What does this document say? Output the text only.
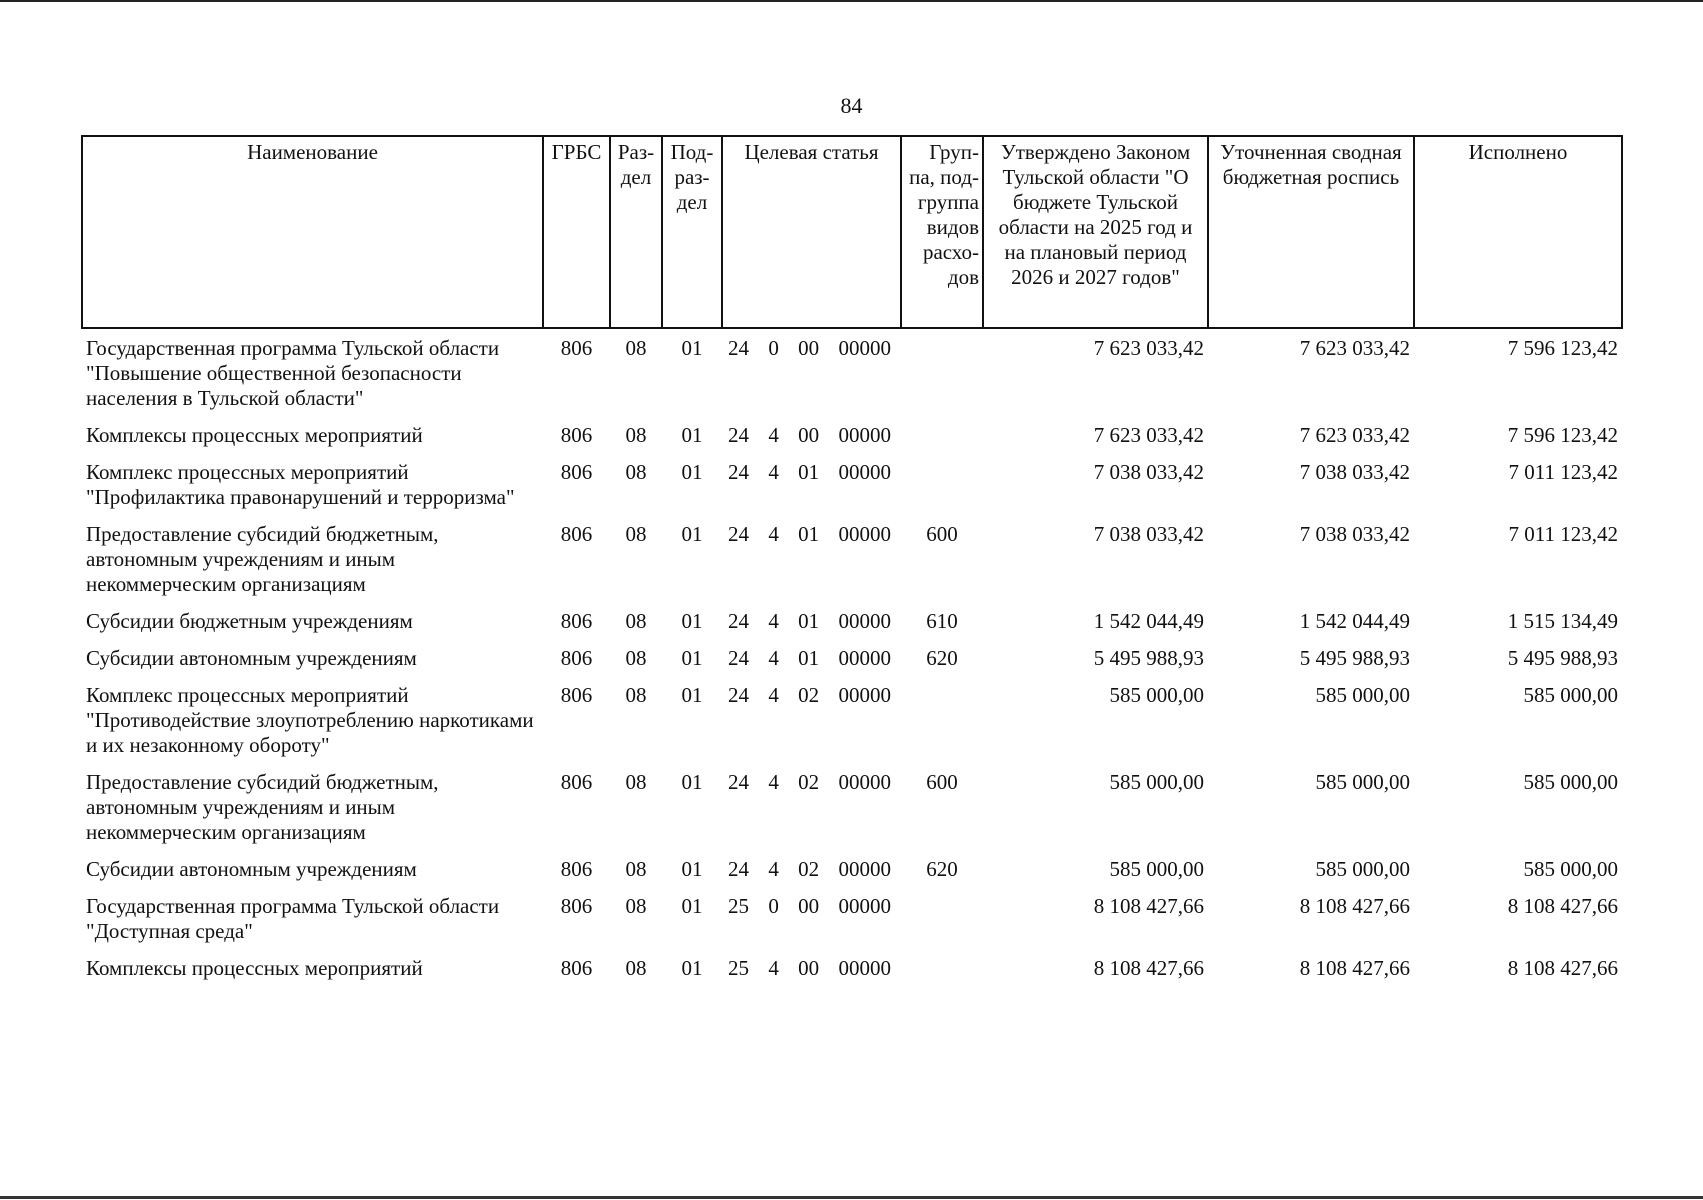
84
Наименование	ГРБС	Раз-дел	Под-раз-дел	Целевая статья	Груп-па, под-группа видов расхо-дов	Утверждено Законом Тульской области "О бюджете Тульской области на 2025 год и на плановый период 2026 и 2027 годов"	Уточненная сводная бюджетная роспись	Исполнено
Государственная программа Тульской области "Повышение общественной безопасности населения в Тульской области"	806	08	01	24 0 00 00000		7 623 033,42	7 623 033,42	7 596 123,42
Комплексы процессных мероприятий	806	08	01	24 4 00 00000		7 623 033,42	7 623 033,42	7 596 123,42
Комплекс процессных мероприятий "Профилактика правонарушений и терроризма"	806	08	01	24 4 01 00000		7 038 033,42	7 038 033,42	7 011 123,42
Предоставление субсидий бюджетным, автономным учреждениям и иным некоммерческим организациям	806	08	01	24 4 01 00000	600	7 038 033,42	7 038 033,42	7 011 123,42
Субсидии бюджетным учреждениям	806	08	01	24 4 01 00000	610	1 542 044,49	1 542 044,49	1 515 134,49
Субсидии автономным учреждениям	806	08	01	24 4 01 00000	620	5 495 988,93	5 495 988,93	5 495 988,93
Комплекс процессных мероприятий "Противодействие злоупотреблению наркотиками и их незаконному обороту"	806	08	01	24 4 02 00000		585 000,00	585 000,00	585 000,00
Предоставление субсидий бюджетным, автономным учреждениям и иным некоммерческим организациям	806	08	01	24 4 02 00000	600	585 000,00	585 000,00	585 000,00
Субсидии автономным учреждениям	806	08	01	24 4 02 00000	620	585 000,00	585 000,00	585 000,00
Государственная программа Тульской области "Доступная среда"	806	08	01	25 0 00 00000		8 108 427,66	8 108 427,66	8 108 427,66
Комплексы процессных мероприятий	806	08	01	25 4 00 00000		8 108 427,66	8 108 427,66	8 108 427,66
